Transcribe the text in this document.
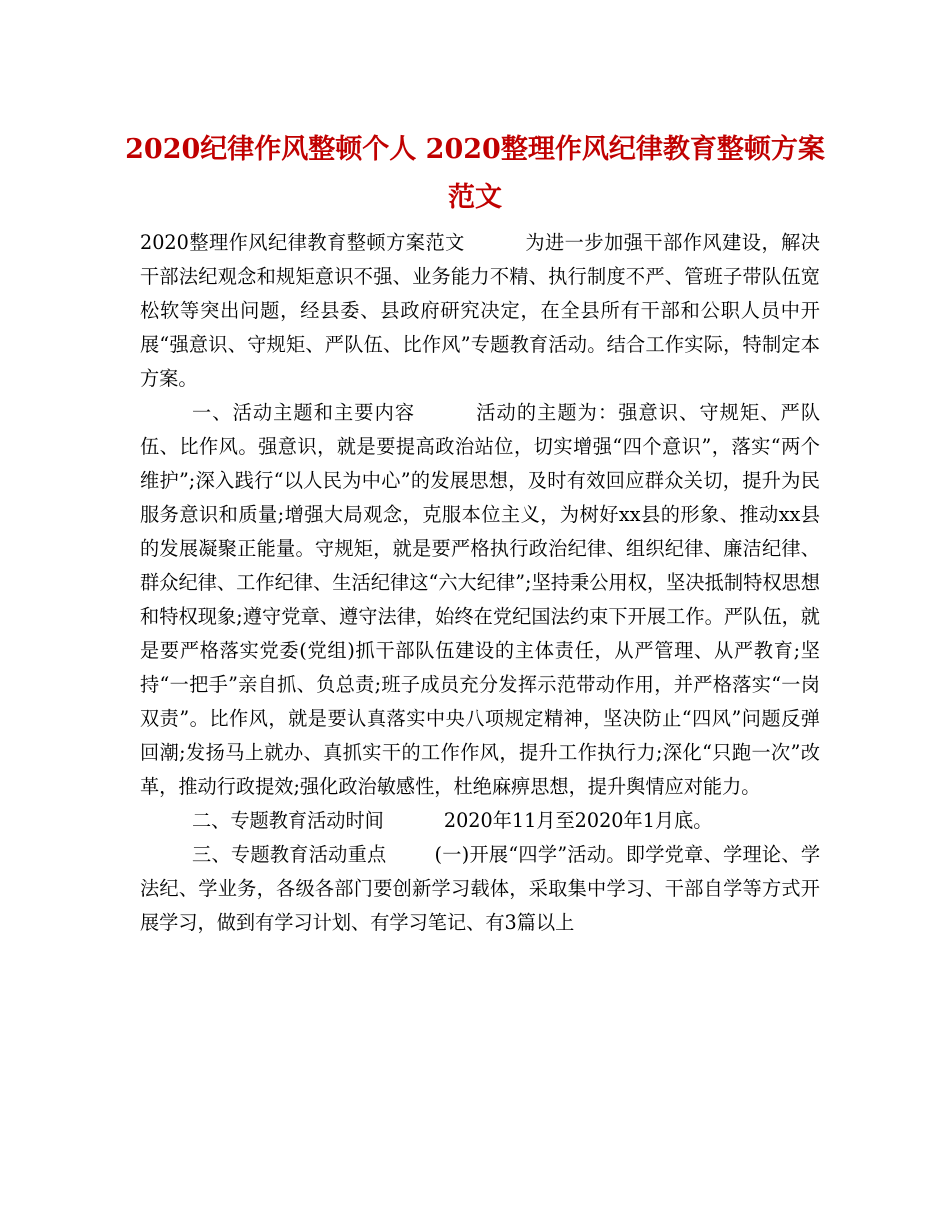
2020纪律作风整顿个人 2020整理作风纪律教育整顿方案范文

2020整理作风纪律教育整顿方案范文	为进一步加强干部作风建设，解决干部法纪观念和规矩意识不强、业务能力不精、执行制度不严、管班子带队伍宽松软等突出问题，经县委、县政府研究决定，在全县所有干部和公职人员中开展“强意识、守规矩、严队伍、比作风”专题教育活动。结合工作实际，特制定本方案。

一、活动主题和主要内容	活动的主题为：强意识、守规矩、严队伍、比作风。强意识，就是要提高政治站位，切实增强“四个意识”，落实“两个维护”;深入践行“以人民为中心”的发展思想，及时有效回应群众关切，提升为民服务意识和质量;增强大局观念，克服本位主义，为树好xx县的形象、推动xx县的发展凝聚正能量。守规矩，就是要严格执行政治纪律、组织纪律、廉洁纪律、群众纪律、工作纪律、生活纪律这“六大纪律”;坚持秉公用权，坚决抵制特权思想和特权现象;遵守党章、遵守法律，始终在党纪国法约束下开展工作。严队伍，就是要严格落实党委(党组)抓干部队伍建设的主体责任，从严管理、从严教育;坚持“一把手”亲自抓、负总责;班子成员充分发挥示范带动作用，并严格落实“一岗双责”。比作风，就是要认真落实中央八项规定精神，坚决防止“四风”问题反弹回潮;发扬马上就办、真抓实干的工作作风，提升工作执行力;深化“只跑一次”改革，推动行政提效;强化政治敏感性，杜绝麻痹思想，提升舆情应对能力。

二、专题教育活动时间	2020年11月至2020年1月底。

三、专题教育活动重点	(一)开展“四学”活动。即学党章、学理论、学法纪、学业务，各级各部门要创新学习载体，采取集中学习、干部自学等方式开展学习，做到有学习计划、有学习笔记、有3篇以上
